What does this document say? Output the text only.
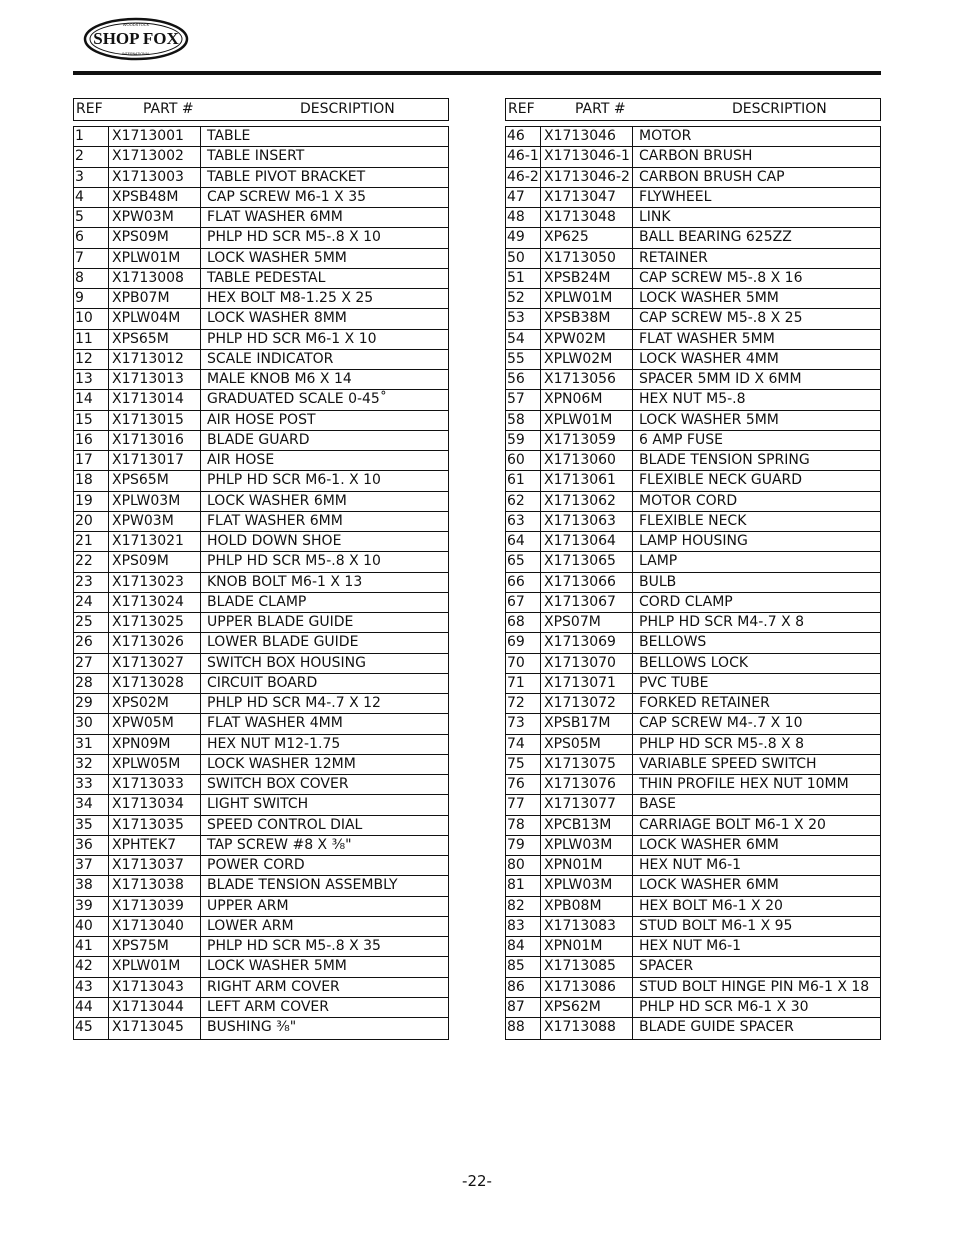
WOODSTOCK
SHOP FOX
INTERNATIONAL
REF	PART #	DESCRIPTION
1	X1713001	TABLE
2	X1713002	TABLE INSERT
3	X1713003	TABLE PIVOT BRACKET
4	XPSB48M	CAP SCREW M6-1 X 35
5	XPW03M	FLAT WASHER 6MM
6	XPS09M	PHLP HD SCR M5-.8 X 10
7	XPLW01M	LOCK WASHER 5MM
8	X1713008	TABLE PEDESTAL
9	XPB07M	HEX BOLT M8-1.25 X 25
10	XPLW04M	LOCK WASHER 8MM
11	XPS65M	PHLP HD SCR M6-1 X 10
12	X1713012	SCALE INDICATOR
13	X1713013	MALE KNOB M6 X 14
14	X1713014	GRADUATED SCALE 0-45˚
15	X1713015	AIR HOSE POST
16	X1713016	BLADE GUARD
17	X1713017	AIR HOSE
18	XPS65M	PHLP HD SCR M6-1. X 10
19	XPLW03M	LOCK WASHER 6MM
20	XPW03M	FLAT WASHER 6MM
21	X1713021	HOLD DOWN SHOE
22	XPS09M	PHLP HD SCR M5-.8 X 10
23	X1713023	KNOB BOLT M6-1 X 13
24	X1713024	BLADE CLAMP
25	X1713025	UPPER BLADE GUIDE
26	X1713026	LOWER BLADE GUIDE
27	X1713027	SWITCH BOX HOUSING
28	X1713028	CIRCUIT BOARD
29	XPS02M	PHLP HD SCR M4-.7 X 12
30	XPW05M	FLAT WASHER 4MM
31	XPN09M	HEX NUT M12-1.75
32	XPLW05M	LOCK WASHER 12MM
33	X1713033	SWITCH BOX COVER
34	X1713034	LIGHT SWITCH
35	X1713035	SPEED CONTROL DIAL
36	XPHTEK7	TAP SCREW #8 X ³⁄₈"
37	X1713037	POWER CORD
38	X1713038	BLADE TENSION ASSEMBLY
39	X1713039	UPPER ARM
40	X1713040	LOWER ARM
41	XPS75M	PHLP HD SCR M5-.8 X 35
42	XPLW01M	LOCK WASHER 5MM
43	X1713043	RIGHT ARM COVER
44	X1713044	LEFT ARM COVER
45	X1713045	BUSHING ³⁄₈"
REF	PART #	DESCRIPTION
46	X1713046	MOTOR
46-1	X1713046-1	CARBON BRUSH
46-2	X1713046-2	CARBON BRUSH CAP
47	X1713047	FLYWHEEL
48	X1713048	LINK
49	XP625	BALL BEARING 625ZZ
50	X1713050	RETAINER
51	XPSB24M	CAP SCREW M5-.8 X 16
52	XPLW01M	LOCK WASHER 5MM
53	XPSB38M	CAP SCREW M5-.8 X 25
54	XPW02M	FLAT WASHER 5MM
55	XPLW02M	LOCK WASHER 4MM
56	X1713056	SPACER 5MM ID X 6MM
57	XPN06M	HEX NUT M5-.8
58	XPLW01M	LOCK WASHER 5MM
59	X1713059	6 AMP FUSE
60	X1713060	BLADE TENSION SPRING
61	X1713061	FLEXIBLE NECK GUARD
62	X1713062	MOTOR CORD
63	X1713063	FLEXIBLE NECK
64	X1713064	LAMP HOUSING
65	X1713065	LAMP
66	X1713066	BULB
67	X1713067	CORD CLAMP
68	XPS07M	PHLP HD SCR M4-.7 X 8
69	X1713069	BELLOWS
70	X1713070	BELLOWS LOCK
71	X1713071	PVC TUBE
72	X1713072	FORKED RETAINER
73	XPSB17M	CAP SCREW M4-.7 X 10
74	XPS05M	PHLP HD SCR M5-.8 X 8
75	X1713075	VARIABLE SPEED SWITCH
76	X1713076	THIN PROFILE HEX NUT 10MM
77	X1713077	BASE
78	XPCB13M	CARRIAGE BOLT M6-1 X 20
79	XPLW03M	LOCK WASHER 6MM
80	XPN01M	HEX NUT M6-1
81	XPLW03M	LOCK WASHER 6MM
82	XPB08M	HEX BOLT M6-1 X 20
83	X1713083	STUD BOLT M6-1 X 95
84	XPN01M	HEX NUT M6-1
85	X1713085	SPACER
86	X1713086	STUD BOLT HINGE PIN M6-1 X 18
87	XPS62M	PHLP HD SCR M6-1 X 30
88	X1713088	BLADE GUIDE SPACER
-22-
